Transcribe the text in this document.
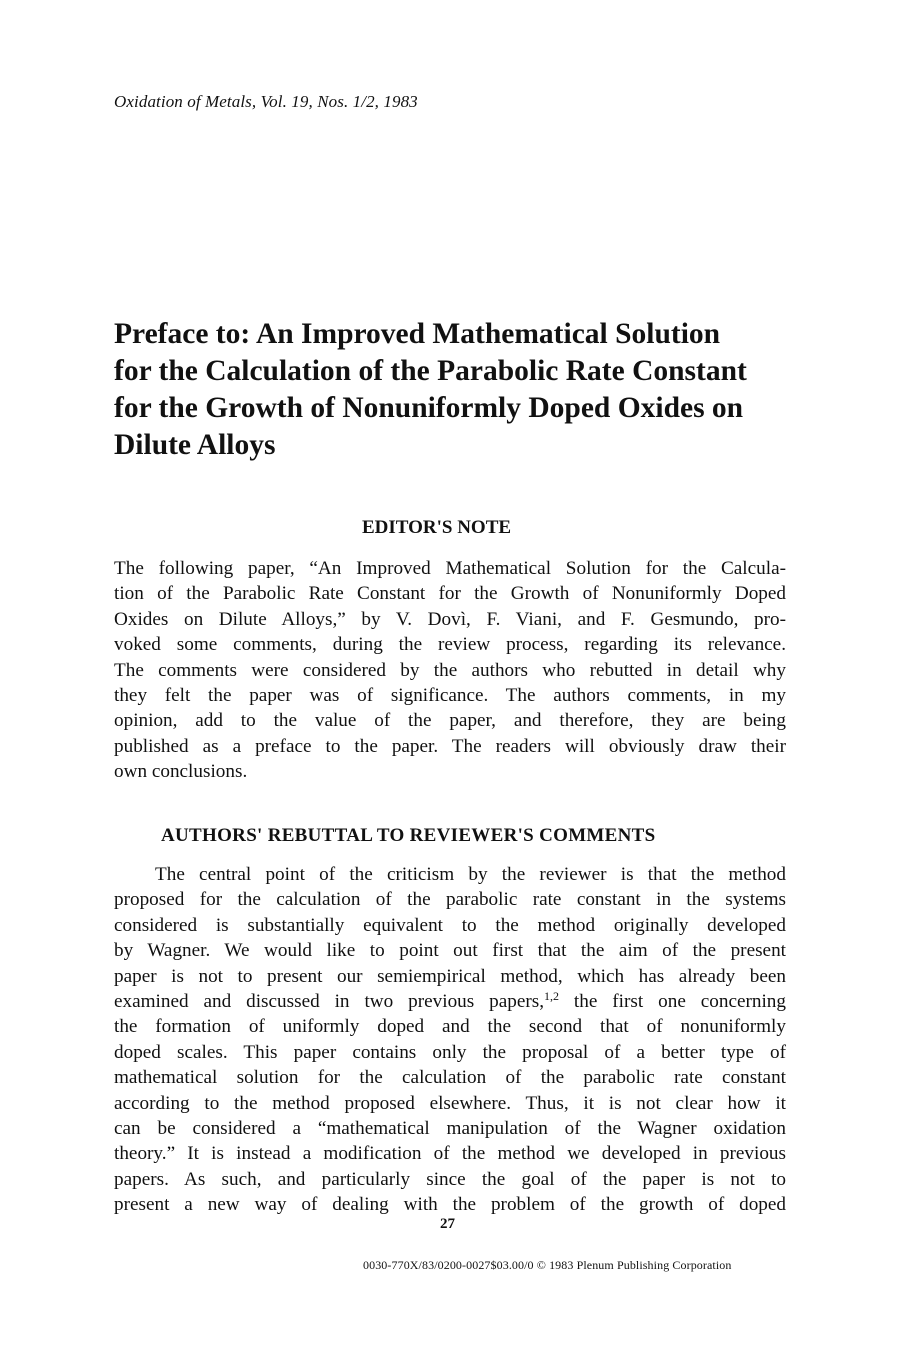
Oxidation of Metals, Vol. 19, Nos. 1/2, 1983
Preface to: An Improved Mathematical Solution
for the Calculation of the Parabolic Rate Constant
for the Growth of Nonuniformly Doped Oxides on
Dilute Alloys
EDITOR'S NOTE
The following paper, “An Improved Mathematical Solution for the Calcula-
tion of the Parabolic Rate Constant for the Growth of Nonuniformly Doped
Oxides on Dilute Alloys,” by V. Dovì, F. Viani, and F. Gesmundo, pro-
voked some comments, during the review process, regarding its relevance.
The comments were considered by the authors who rebutted in detail why
they felt the paper was of significance. The authors comments, in my
opinion, add to the value of the paper, and therefore, they are being
published as a preface to the paper. The readers will obviously draw their
own conclusions.
AUTHORS' REBUTTAL TO REVIEWER'S COMMENTS
The central point of the criticism by the reviewer is that the method
proposed for the calculation of the parabolic rate constant in the systems
considered is substantially equivalent to the method originally developed
by Wagner. We would like to point out first that the aim of the present
paper is not to present our semiempirical method, which has already been
examined and discussed in two previous papers,$^{1,2}$ the first one concerning
the formation of uniformly doped and the second that of nonuniformly
doped scales. This paper contains only the proposal of a better type of
mathematical solution for the calculation of the parabolic rate constant
according to the method proposed elsewhere. Thus, it is not clear how it
can be considered a “mathematical manipulation of the Wagner oxidation
theory.” It is instead a modification of the method we developed in previous
papers. As such, and particularly since the goal of the paper is not to
present a new way of dealing with the problem of the growth of doped
27
0030-770X/83/0200-0027$03.00/0 © 1983 Plenum Publishing Corporation
